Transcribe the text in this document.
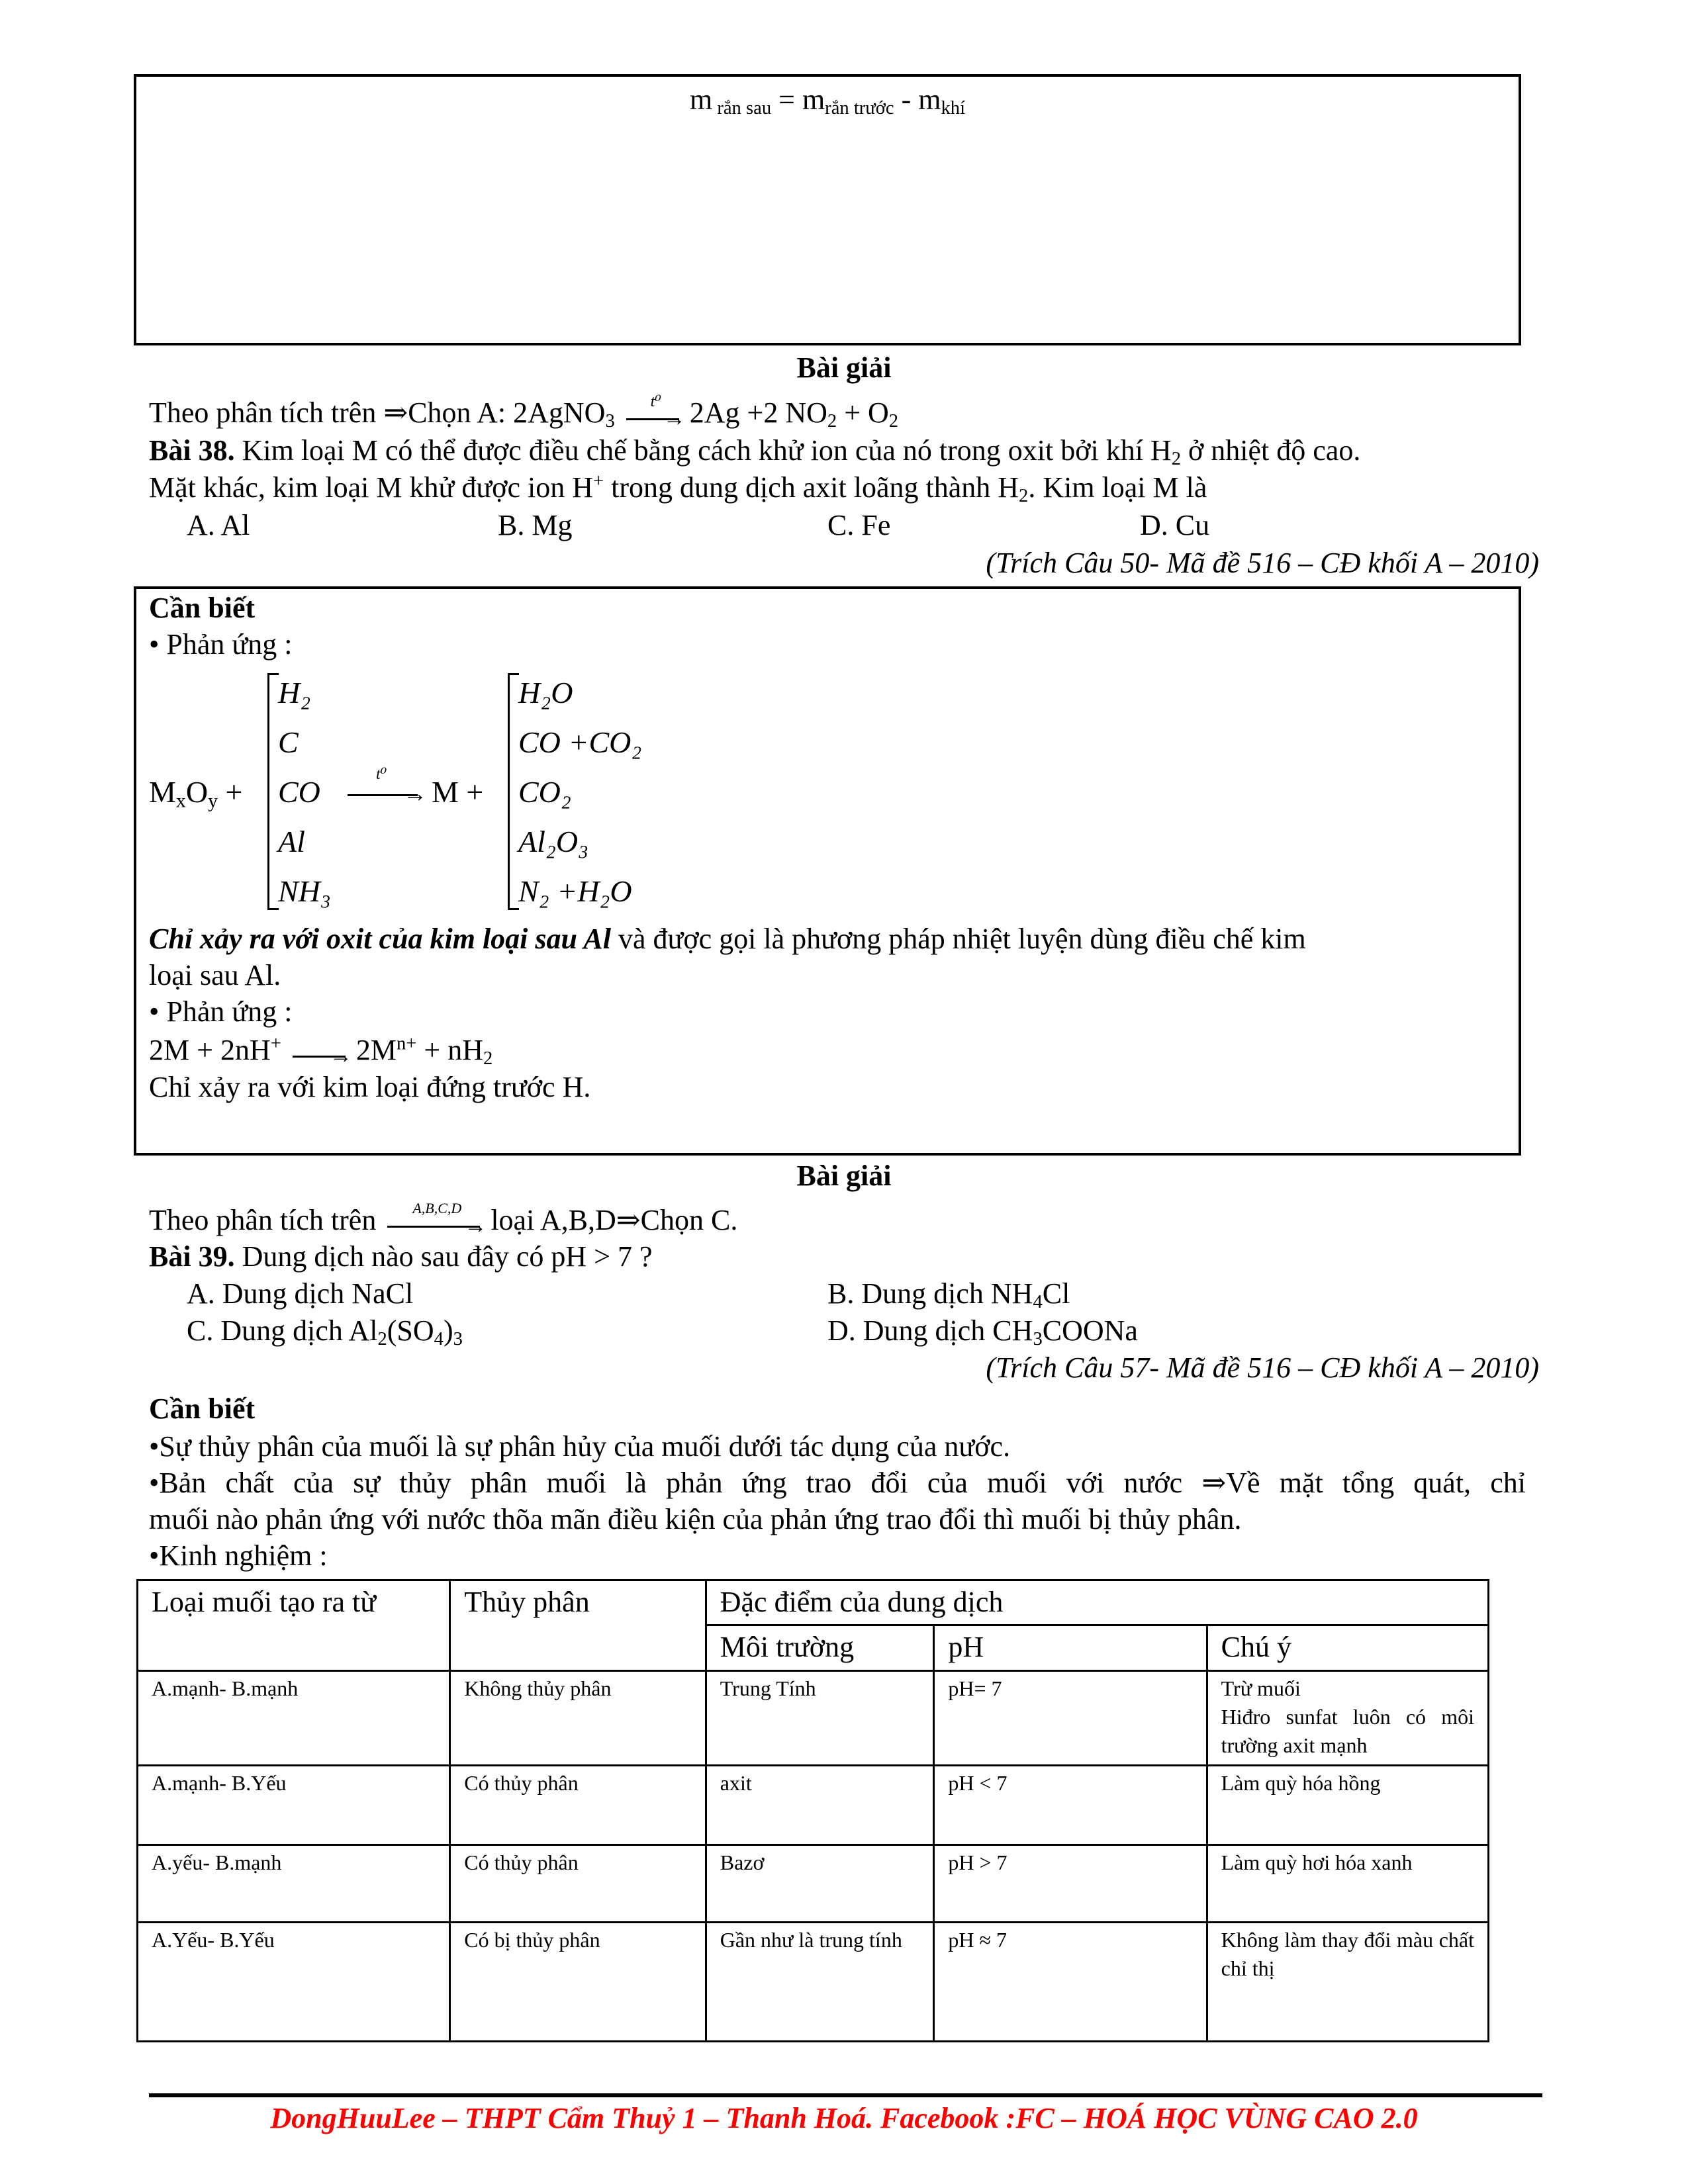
m $_{rắn sau} = m_{rắn trước} - m_{khí}$
Bài giải
Theo phân tích trên ⇒Chọn A: 2AgNO$_3$
t⁰
→ 2Ag +2 $NO_2 + O_2$
Bài 38. Kim loại M có thể được điều chế bằng cách khử ion của nó trong oxit bởi khí $H_2$ ở nhiệt độ cao.
Mặt khác, kim loại M khử được ion H+ trong dung dịch axit loãng thành $H_2$. Kim loại M là
A. Al	B. Mg	C. Fe	D. Cu
(Trích Câu 50- Mã đề 516 – CĐ khối A – 2010)
Cần biết
• Phản ứng :
$M_xO_y$ +
H₂
C
CO
Al
NH₃
t⁰
→ M +
H₂O
CO +CO₂
CO₂
Al₂O₃
N₂ +H₂O
Chỉ xảy ra với oxit của kim loại sau Al và được gọi là phương pháp nhiệt luyện dùng điều chế kim
loại sau Al.
• Phản ứng :
2M + 2nH+
→ $2M^{n+} + nH_2$
Chỉ xảy ra với kim loại đứng trước H.
Bài giải
Theo phân tích trên	A,B,C,D
→ loại A,B,D⇒Chọn C.
Bài 39. Dung dịch nào sau đây có pH > 7 ?
A. Dung dịch NaCl	B. Dung dịch $NH_4Cl$
C. Dung dịch $Al_2(SO_4)_3$	D. Dung dịch $CH_3COONa$
(Trích Câu 57- Mã đề 516 – CĐ khối A – 2010)
Cần biết
•Sự thủy phân của muối là sự phân hủy của muối dưới tác dụng của nước.
•Bản chất của sự thủy phân muối là phản ứng trao đổi của muối với nước ⇒Về mặt tổng quát, chỉ
muối nào phản ứng với nước thõa mãn điều kiện của phản ứng trao đổi thì muối bị thủy phân.
•Kinh nghiệm :
Loại muối tạo ra từ	Thủy phân	Đặc điểm của dung dịch		
		Môi trường	pH	Chú ý
A.mạnh- B.mạnh	Không thủy phân	Trung Tính	pH= 7	Trừ muối
Hiđro sunfat luôn có môi trường axit mạnh

A.mạnh- B.Yếu	Có thủy phân	axit	pH < 7	Làm quỳ hóa hồng
A.yếu- B.mạnh	Có thủy phân	Bazơ	pH > 7	Làm quỳ hơi hóa xanh
A.Yếu- B.Yếu	Có bị thủy phân	Gần như là trung tính	pH ≈ 7	Không làm thay đổi màu chất chỉ thị
DongHuuLee – THPT Cẩm Thuỷ 1 – Thanh Hoá. Facebook :FC – HOÁ HỌC VÙNG CAO 2.0
